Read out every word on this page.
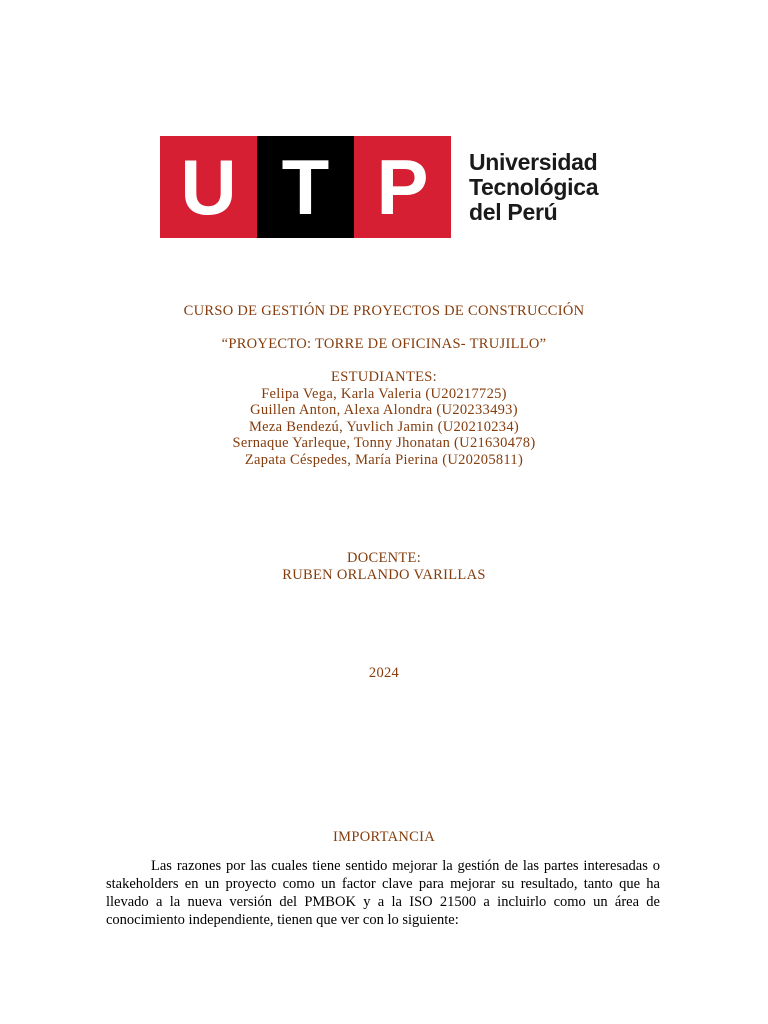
U T P	Universidad
Tecnológica
del Perú
CURSO DE GESTIÓN DE PROYECTOS DE CONSTRUCCIÓN
“PROYECTO: TORRE DE OFICINAS- TRUJILLO”
ESTUDIANTES:
Felipa Vega, Karla Valeria (U20217725)
Guillen Anton, Alexa Alondra (U20233493)
Meza Bendezú, Yuvlich Jamin (U20210234)
Sernaque Yarleque, Tonny Jhonatan (U21630478)
Zapata Céspedes, María Pierina (U20205811)
DOCENTE:
RUBEN ORLANDO VARILLAS
2024
IMPORTANCIA
Las razones por las cuales tiene sentido mejorar la gestión de las partes interesadas o stakeholders en un proyecto como un factor clave para mejorar su resultado, tanto que ha llevado a la nueva versión del PMBOK y a la ISO 21500 a incluirlo como un área de conocimiento independiente, tienen que ver con lo siguiente:
